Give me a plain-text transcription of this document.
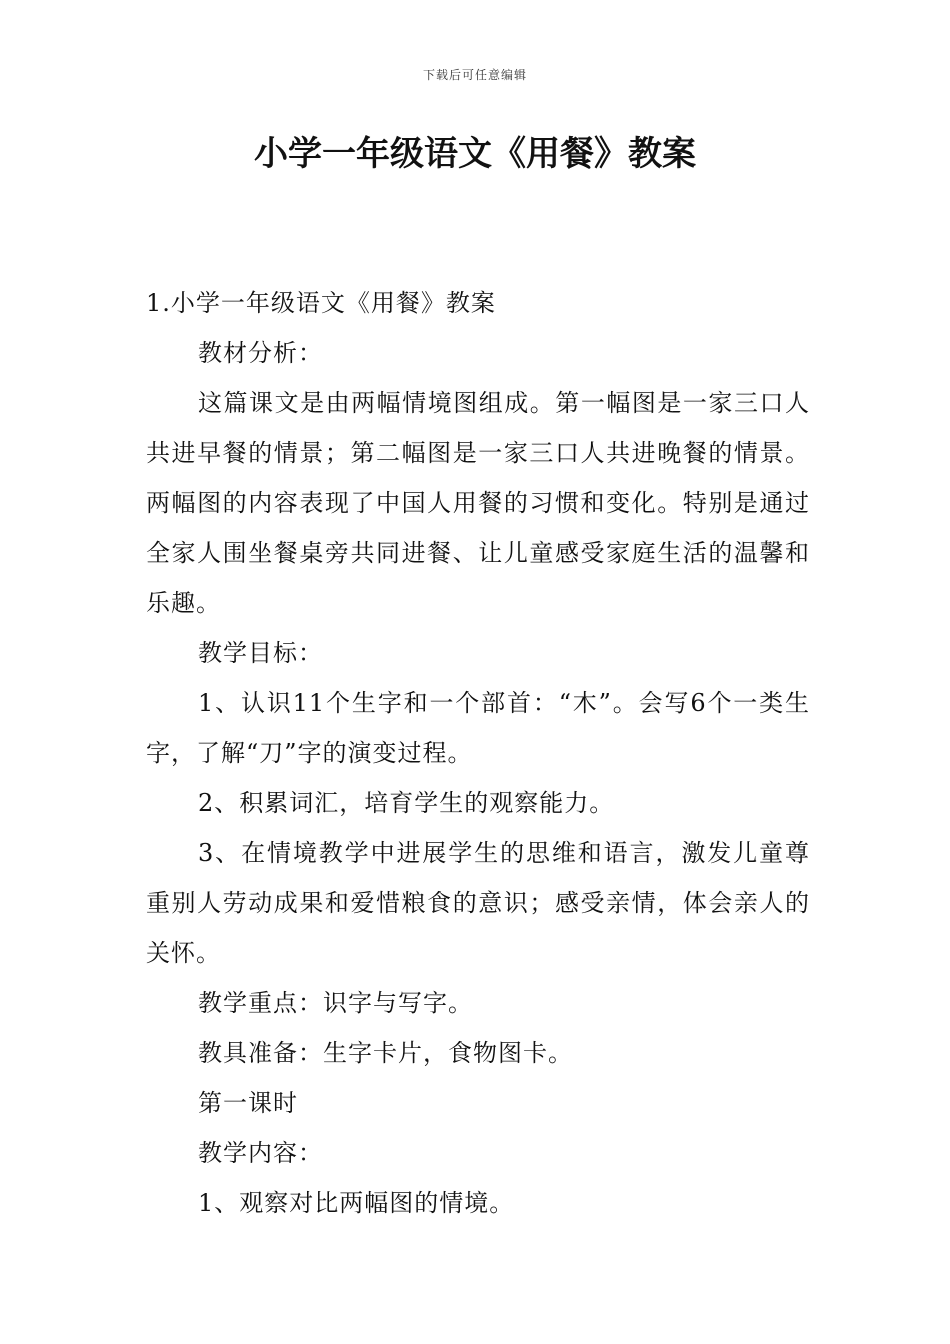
下载后可任意编辑
小学一年级语文《用餐》教案

1.小学一年级语文《用餐》教案

教材分析：

这篇课文是由两幅情境图组成。第一幅图是一家三口人共进早餐的情景；第二幅图是一家三口人共进晚餐的情景。两幅图的内容表现了中国人用餐的习惯和变化。特别是通过全家人围坐餐桌旁共同进餐、让儿童感受家庭生活的温馨和乐趣。

教学目标：

1、认识11个生字和一个部首：“木”。会写6个一类生字，了解“刀”字的演变过程。

2、积累词汇，培育学生的观察能力。

3、在情境教学中进展学生的思维和语言，激发儿童尊重别人劳动成果和爱惜粮食的意识；感受亲情，体会亲人的关怀。

教学重点：识字与写字。

教具准备：生字卡片，食物图卡。

第一课时

教学内容：

1、观察对比两幅图的情境。
